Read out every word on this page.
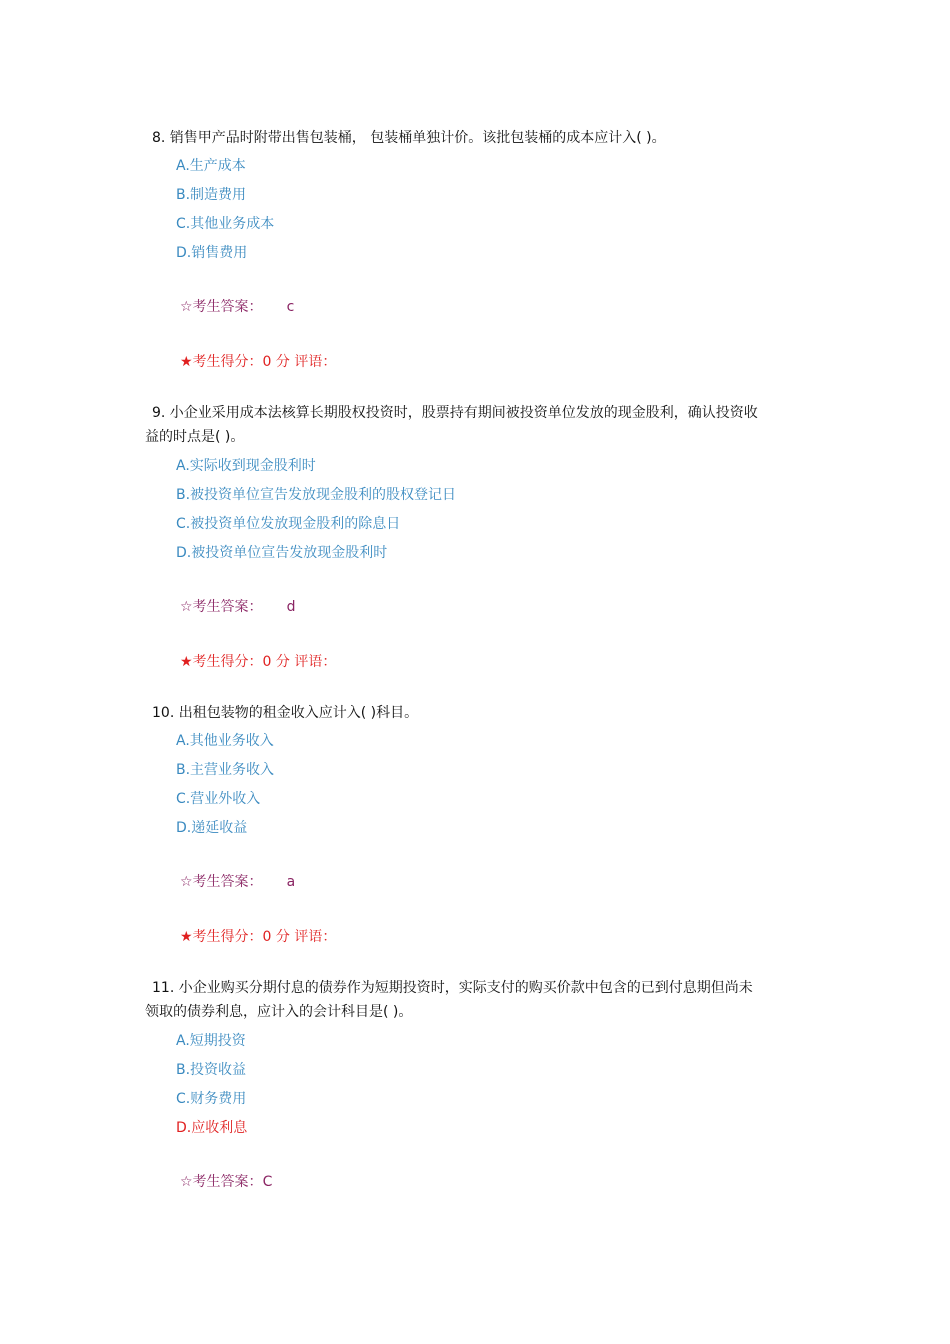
8. 销售甲产品时附带出售包装桶， 包装桶单独计价。该批包装桶的成本应计入( )。
A.生产成本
B.制造费用
C.其他业务成本
D.销售费用
☆考生答案： c
★考生得分：0 分 评语：
9. 小企业采用成本法核算长期股权投资时，股票持有期间被投资单位发放的现金股利，确认投资收
益的时点是( )。
A.实际收到现金股利时
B.被投资单位宣告发放现金股利的股权登记日
C.被投资单位发放现金股利的除息日
D.被投资单位宣告发放现金股利时
☆考生答案： d
★考生得分：0 分 评语：
10. 出租包装物的租金收入应计入( )科目。
A.其他业务收入
B.主营业务收入
C.营业外收入
D.递延收益
☆考生答案： a
★考生得分：0 分 评语：
11. 小企业购买分期付息的债券作为短期投资时，实际支付的购买价款中包含的已到付息期但尚未
领取的债券利息，应计入的会计科目是( )。
A.短期投资
B.投资收益
C.财务费用
D.应收利息
☆考生答案：C
